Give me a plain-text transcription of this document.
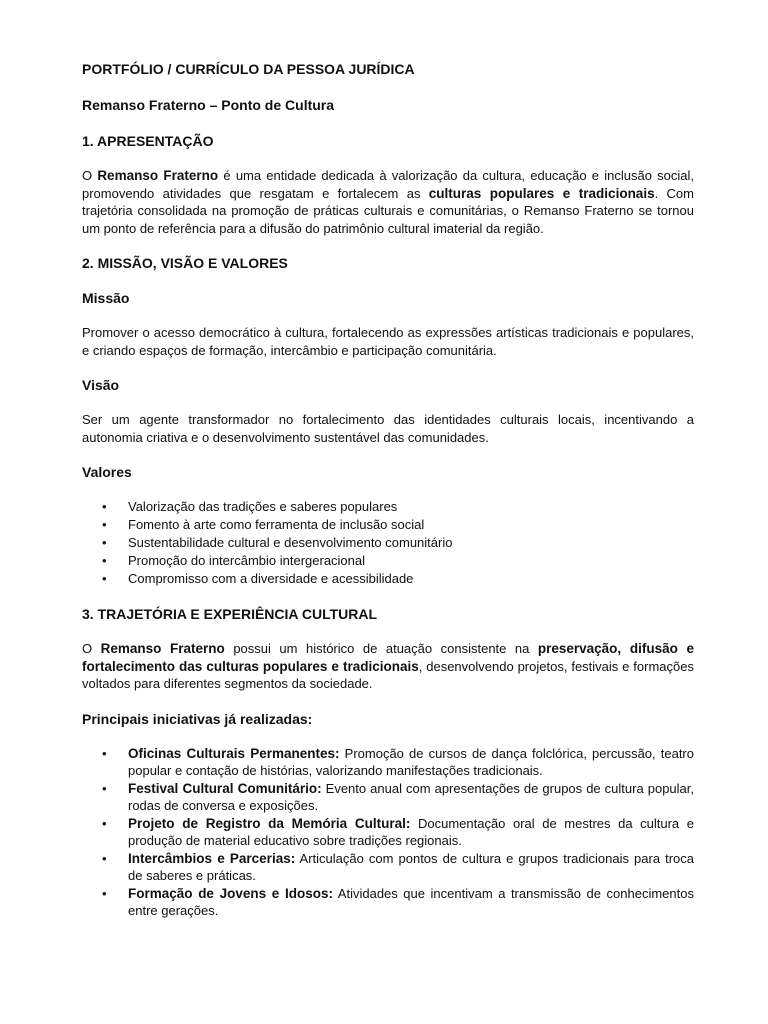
PORTFÓLIO / CURRÍCULO DA PESSOA JURÍDICA

Remanso Fraterno – Ponto de Cultura

1. APRESENTAÇÃO

O Remanso Fraterno é uma entidade dedicada à valorização da cultura, educação e inclusão social, promovendo atividades que resgatam e fortalecem as culturas populares e tradicionais. Com trajetória consolidada na promoção de práticas culturais e comunitárias, o Remanso Fraterno se tornou um ponto de referência para a difusão do patrimônio cultural imaterial da região.

2. MISSÃO, VISÃO E VALORES

Missão

Promover o acesso democrático à cultura, fortalecendo as expressões artísticas tradicionais e populares, e criando espaços de formação, intercâmbio e participação comunitária.

Visão

Ser um agente transformador no fortalecimento das identidades culturais locais, incentivando a autonomia criativa e o desenvolvimento sustentável das comunidades.

Valores

• Valorização das tradições e saberes populares
• Fomento à arte como ferramenta de inclusão social
• Sustentabilidade cultural e desenvolvimento comunitário
• Promoção do intercâmbio intergeracional
• Compromisso com a diversidade e acessibilidade

3. TRAJETÓRIA E EXPERIÊNCIA CULTURAL

O Remanso Fraterno possui um histórico de atuação consistente na preservação, difusão e fortalecimento das culturas populares e tradicionais, desenvolvendo projetos, festivais e formações voltados para diferentes segmentos da sociedade.

Principais iniciativas já realizadas:

• Oficinas Culturais Permanentes: Promoção de cursos de dança folclórica, percussão, teatro popular e contação de histórias, valorizando manifestações tradicionais.
• Festival Cultural Comunitário: Evento anual com apresentações de grupos de cultura popular, rodas de conversa e exposições.
• Projeto de Registro da Memória Cultural: Documentação oral de mestres da cultura e produção de material educativo sobre tradições regionais.
• Intercâmbios e Parcerias: Articulação com pontos de cultura e grupos tradicionais para troca de saberes e práticas.
• Formação de Jovens e Idosos: Atividades que incentivam a transmissão de conhecimentos entre gerações.
